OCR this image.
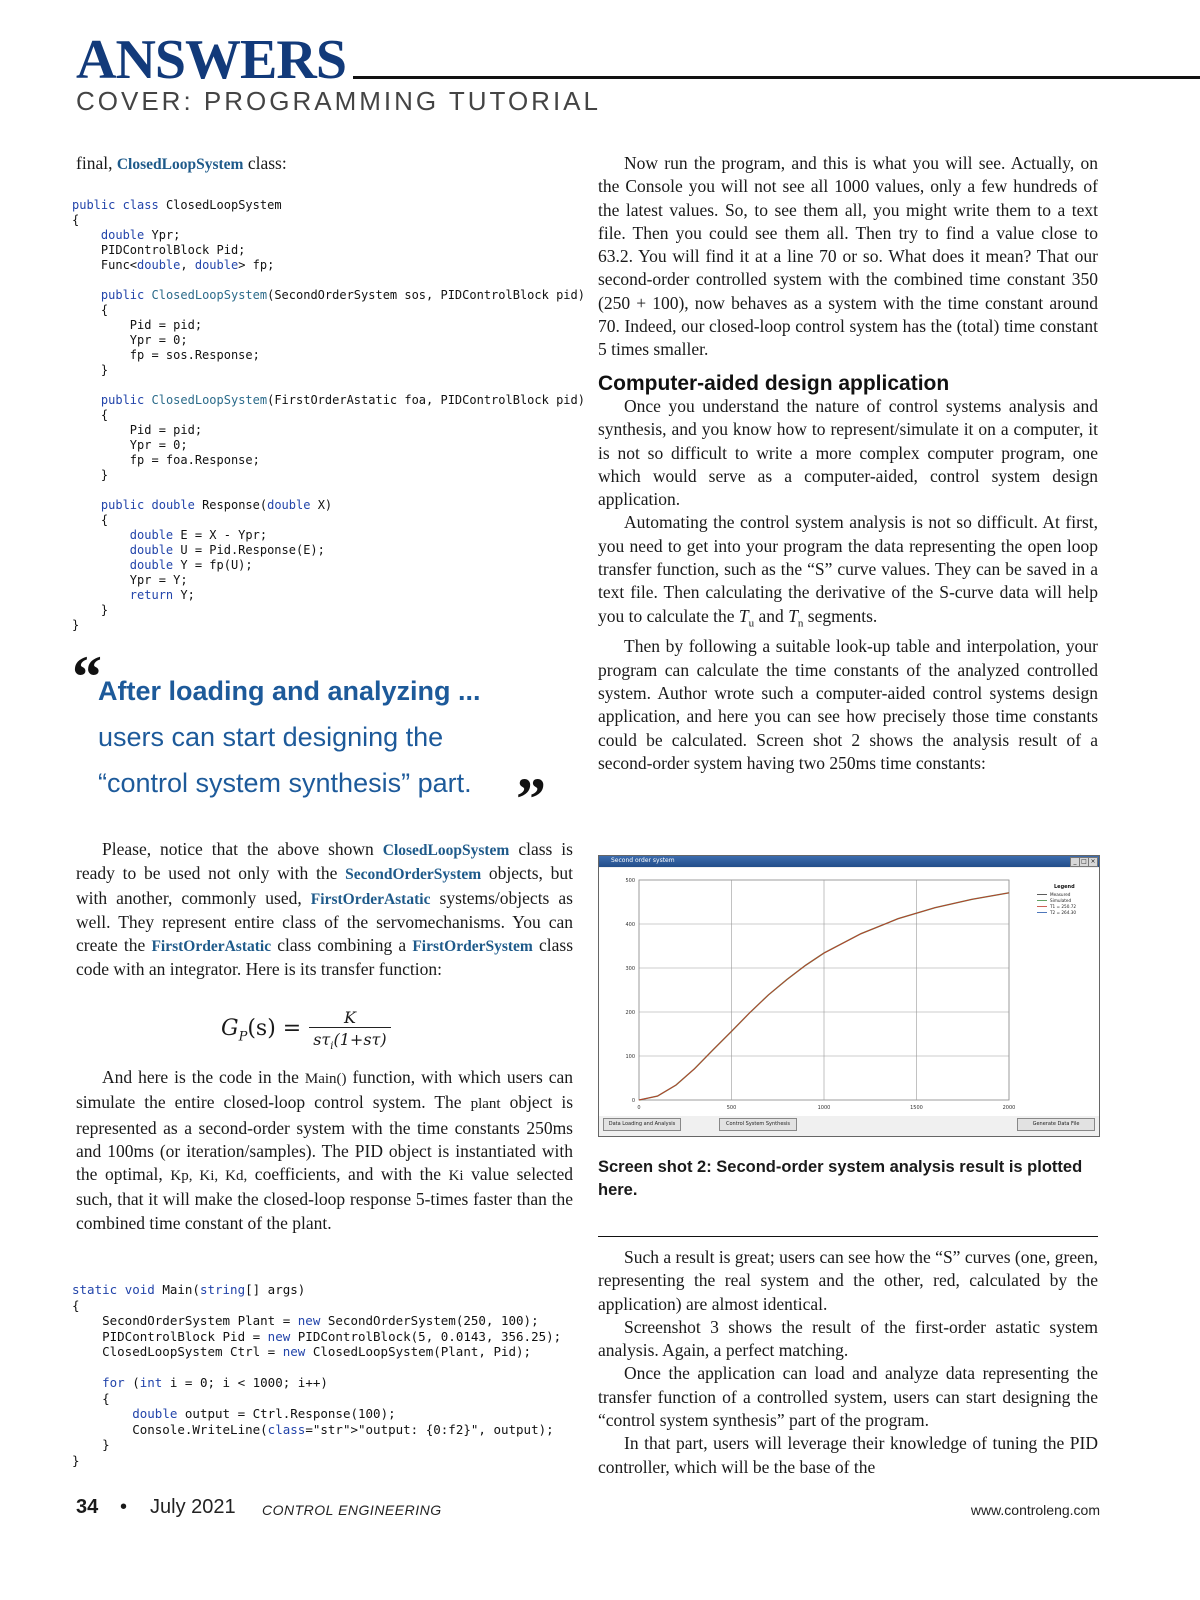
ANSWERS
COVER: PROGRAMMING TUTORIAL

final, ClosedLoopSystem class:

public class ClosedLoopSystem
{
double Ypr;
PIDControlBlock Pid;
Func<double, double> fp;

public ClosedLoopSystem(SecondOrderSystem sos, PIDControlBlock pid)
{
Pid = pid;
Ypr = 0;
fp = sos.Response;
}

public ClosedLoopSystem(FirstOrderAstatic foa, PIDControlBlock pid)
{
Pid = pid;
Ypr = 0;
fp = foa.Response;
}

public double Response(double X)
{
double E = X - Ypr;
double U = Pid.Response(E);
double Y = fp(U);
Ypr = Y;
return Y;
}
}
“
After loading and analyzing ...
users can start designing the
“control system synthesis” part. ”

Please, notice that the above shown ClosedLoopSystem class is ready to be used not only with the SecondOrderSystem objects, but with another, commonly used, FirstOrderAstatic systems/objects as well. They represent entire class of the servomechanisms. You can create the FirstOrderAstatic class combining a FirstOrderSystem class code with an integrator. Here is its transfer function:

$G_P(s)$ =	K
$s\tau_i(1+s\tau)$

And here is the code in the Main() function, with which users can simulate the entire closed-loop control system. The plant object is represented as a second-order system with the time constants 250ms and 100ms (or iteration/samples). The PID object is instantiated with the optimal, Kp, Ki, Kd, coefficients, and with the Ki value selected such, that it will make the closed-loop response 5-times faster than the combined time constant of the plant.

static void Main(string[] args)
{
SecondOrderSystem Plant = new SecondOrderSystem(250, 100);
PIDControlBlock Pid = new PIDControlBlock(5, 0.0143, 356.25);
ClosedLoopSystem Ctrl = new ClosedLoopSystem(Plant, Pid);

for (int i = 0; i < 1000; i++)
{
double output = Ctrl.Response(100);
Console.WriteLine(class="str">"output: {0:f2}", output);
}
}

Now run the program, and this is what you will see. Actually, on the Console you will not see all 1000 values, only a few hundreds of the latest values. So, to see them all, you might write them to a text file. Then you could see them all. Then try to find a value close to 63.2. You will find it at a line 70 or so. What does it mean? That our second-order controlled system with the combined time constant 350 (250 + 100), now behaves as a system with the time constant around 70. Indeed, our closed-loop control system has the (total) time constant 5 times smaller.

Computer-aided design application

Once you understand the nature of control systems analysis and synthesis, and you know how to represent/simulate it on a computer, it is not so difficult to write a more complex computer program, one which would serve as a computer-aided, control system design application.

Automating the control system analysis is not so difficult. At first, you need to get into your program the data representing the open loop transfer function, such as the “S” curve values. They can be saved in a text file. Then calculating the derivative of the S-curve data will help you to calculate the $T_u$ and $T_n$ segments.

Then by following a suitable look-up table and interpolation, your program can calculate the time constants of the analyzed controlled system. Author wrote such a computer-aided control systems design application, and here you can see how precisely those time constants could be calculated. Screen shot 2 shows the analysis result of a second-order system having two 250ms time constants:

Second order system	_ □ ×
0
100
200
300
400
500
0	500	1000	1500	2000
Legend
Measured
Simulated
T1 = 250.72
T2 = 264.30
Data Loading and Analysis	Control System Synthesis	Generate Data File
Screen shot 2: Second-order system analysis result is plotted here.

Such a result is great; users can see how the “S” curves (one, green, representing the real system and the other, red, calculated by the application) are almost identical.

Screenshot 3 shows the result of the first-order astatic system analysis. Again, a perfect matching.

Once the application can load and analyze data representing the transfer function of a controlled system, users can start designing the “control system synthesis” part of the program.

In that part, users will leverage their knowledge of tuning the PID controller, which will be the base of the

34 • July 2021 CONTROL ENGINEERING	www.controleng.com
